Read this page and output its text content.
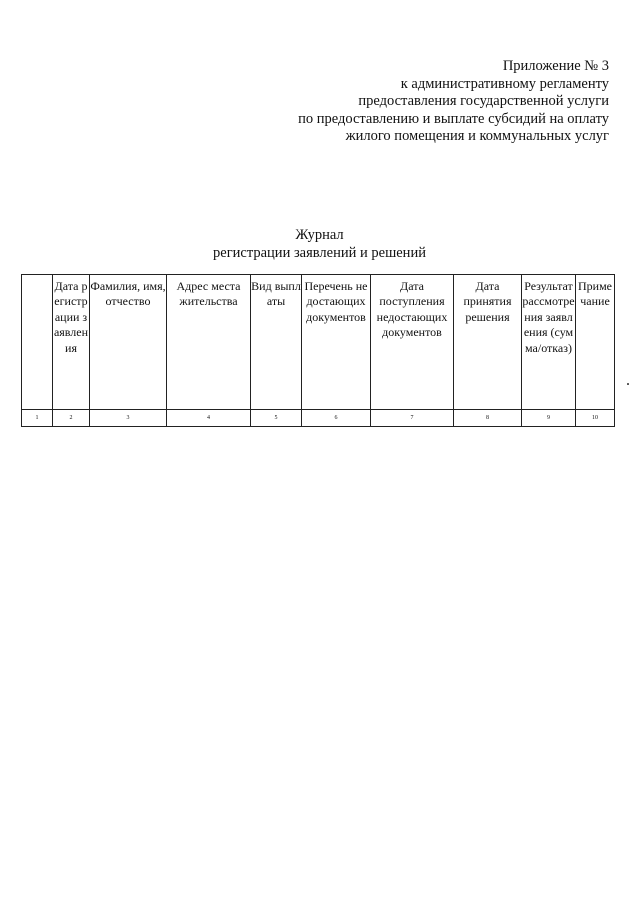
Приложение № 3
к административному регламенту
предоставления государственной услуги
по предоставлению и выплате субсидий на оплату
жилого помещения и коммунальных услуг
Журнал
регистрации заявлений и решений
	Дата регистрации заявления	Фамилия, имя, отчество	Адрес места жительства	Вид выплаты	Перечень недостающих документов	Дата поступления недостающих документов	Дата принятия решения	Результат рассмотрения заявления (сумма/отказ)	Примечание
1	2	3	4	5	6	7	8	9	10
